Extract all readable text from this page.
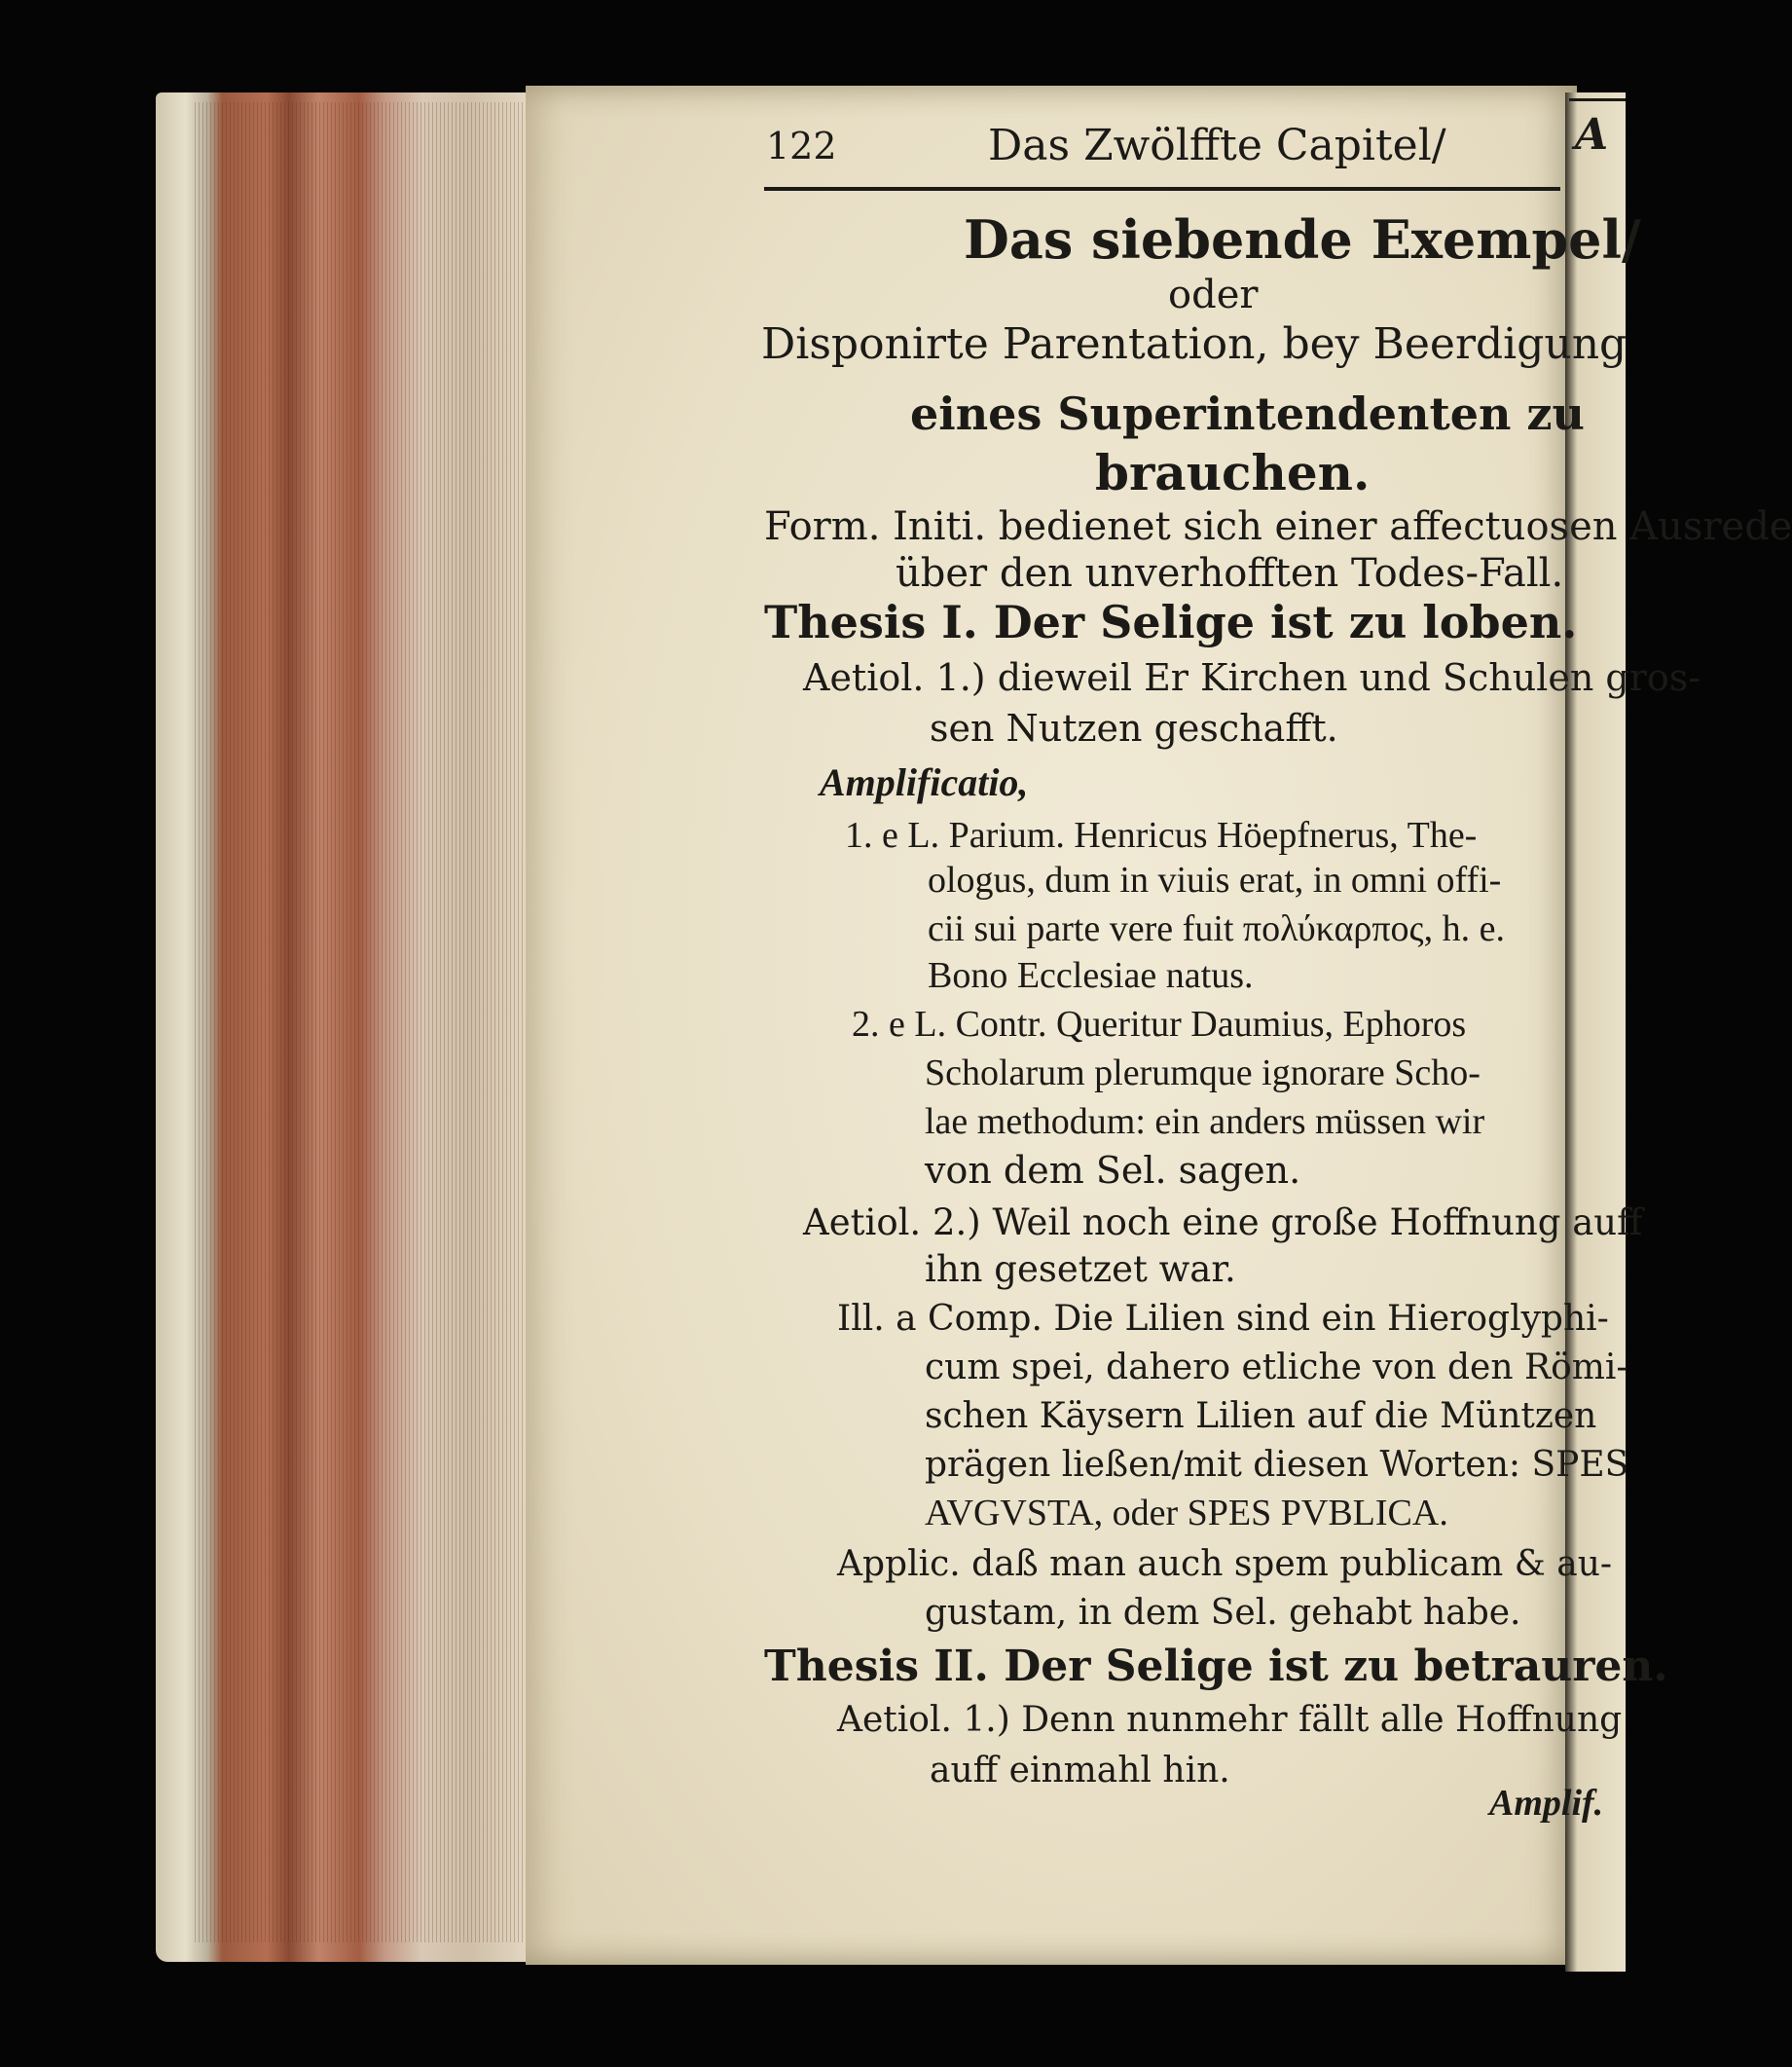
A
122	Das Zwölffte Capitel/
Das siebende Exempel/
oder
Disponirte Parentation, bey Beerdigung
eines Superintendenten zu
brauchen.
Form. Initi. bedienet sich einer affectuosen Ausrede
über den unverhofften Todes-Fall.
Thesis I. Der Selige ist zu loben.
Aetiol. 1.) dieweil Er Kirchen und Schulen gros-
sen Nutzen geschafft.
Amplificatio,
1. e L. Parium. Henricus Höepfnerus, The-
ologus, dum in viuis erat, in omni offi-
cii sui parte vere fuit πολύκαρπος, h. e.
Bono Ecclesiae natus.
2. e L. Contr. Queritur Daumius, Ephoros
Scholarum plerumque ignorare Scho-
lae methodum: ein anders müssen wir
von dem Sel. sagen.
Aetiol. 2.) Weil noch eine große Hoffnung auff
ihn gesetzet war.
Ill. a Comp. Die Lilien sind ein Hieroglyphi-
cum spei, dahero etliche von den Römi-
schen Käysern Lilien auf die Müntzen
prägen ließen/mit diesen Worten: SPES
AVGVSTA, oder SPES PVBLICA.
Applic. daß man auch spem publicam & au-
gustam, in dem Sel. gehabt habe.
Thesis II. Der Selige ist zu betrauren.
Aetiol. 1.) Denn nunmehr fällt alle Hoffnung
auff einmahl hin.
Amplif.
